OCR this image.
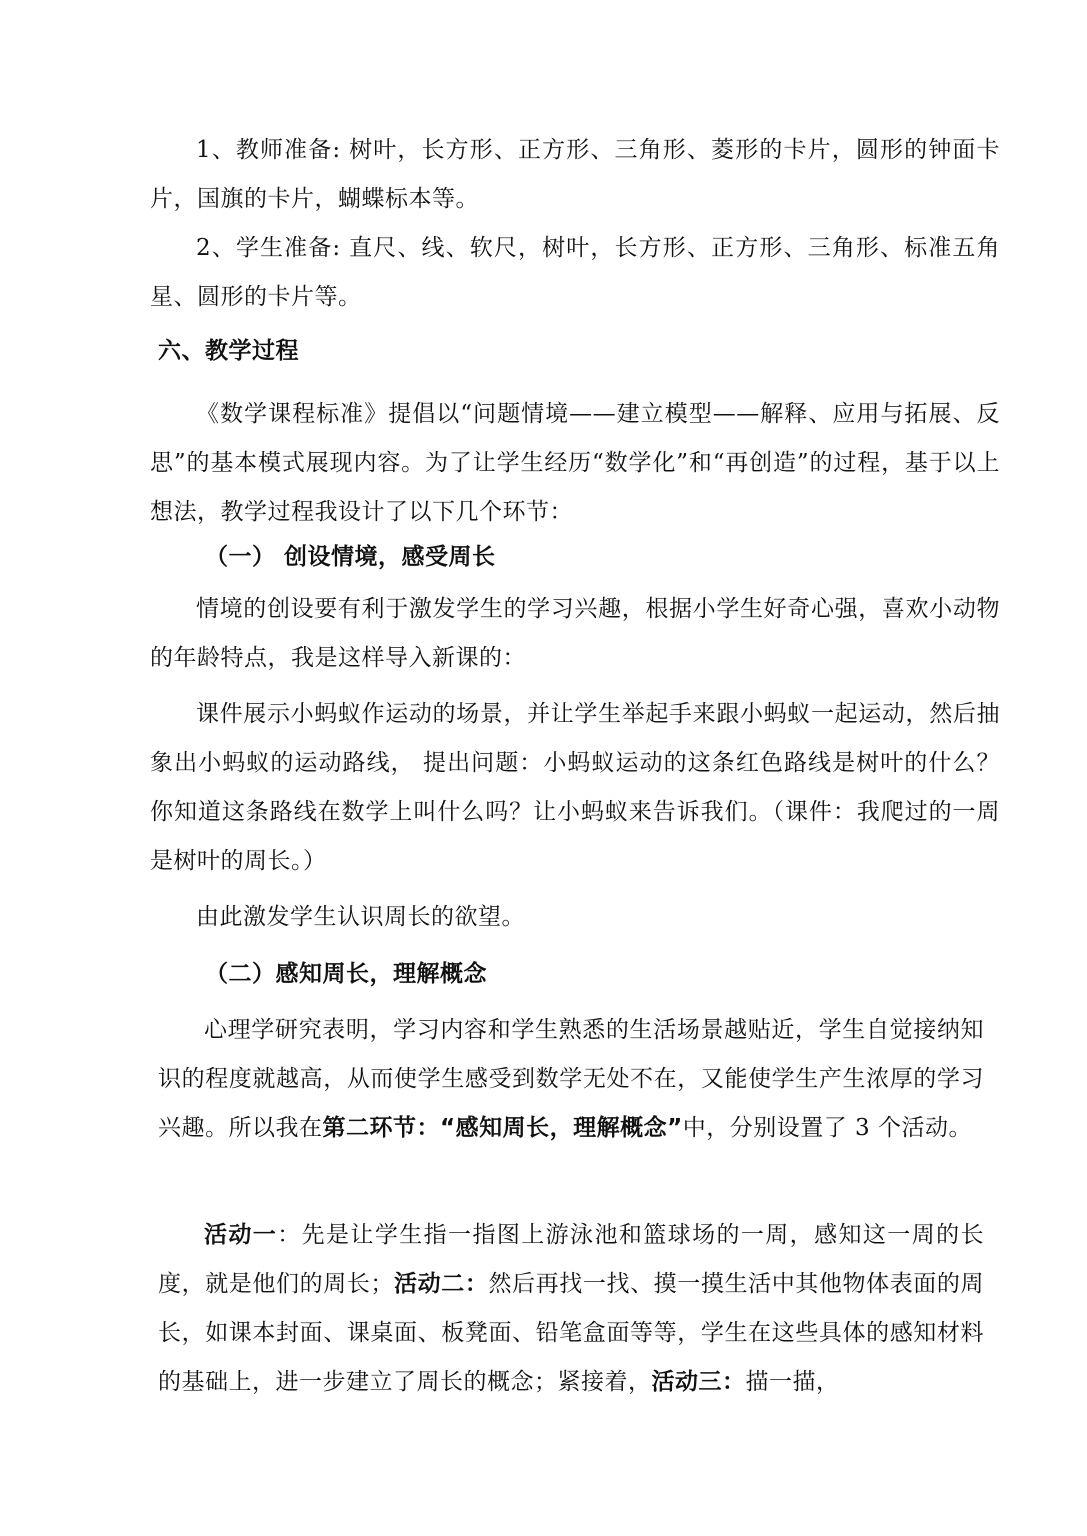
1、教师准备: 树叶，长方形、正方形、三角形、菱形的卡片，圆形的钟面卡片，国旗的卡片，蝴蝶标本等。

2、学生准备: 直尺、线、软尺，树叶，长方形、正方形、三角形、标准五角星、圆形的卡片等。

六、教学过程

《数学课程标准》提倡以“问题情境——建立模型——解释、应用与拓展、反思”的基本模式展现内容。为了让学生经历“数学化”和“再创造”的过程，基于以上想法，教学过程我设计了以下几个环节：

（一） 创设情境，感受周长

情境的创设要有利于激发学生的学习兴趣，根据小学生好奇心强，喜欢小动物的年龄特点，我是这样导入新课的：

课件展示小蚂蚁作运动的场景，并让学生举起手来跟小蚂蚁一起运动，然后抽象出小蚂蚁的运动路线， 提出问题：小蚂蚁运动的这条红色路线是树叶的什么？你知道这条路线在数学上叫什么吗？让小蚂蚁来告诉我们。（课件：我爬过的一周是树叶的周长。）

由此激发学生认识周长的欲望。

（二）感知周长，理解概念

心理学研究表明，学习内容和学生熟悉的生活场景越贴近，学生自觉接纳知识的程度就越高，从而使学生感受到数学无处不在，又能使学生产生浓厚的学习兴趣。所以我在第二环节：“感知周长，理解概念”中，分别设置了 3 个活动。

活动一：先是让学生指一指图上游泳池和篮球场的一周，感知这一周的长度，就是他们的周长；活动二：然后再找一找、摸一摸生活中其他物体表面的周长，如课本封面、课桌面、板凳面、铅笔盒面等等，学生在这些具体的感知材料的基础上，进一步建立了周长的概念；紧接着，活动三：描一描，
